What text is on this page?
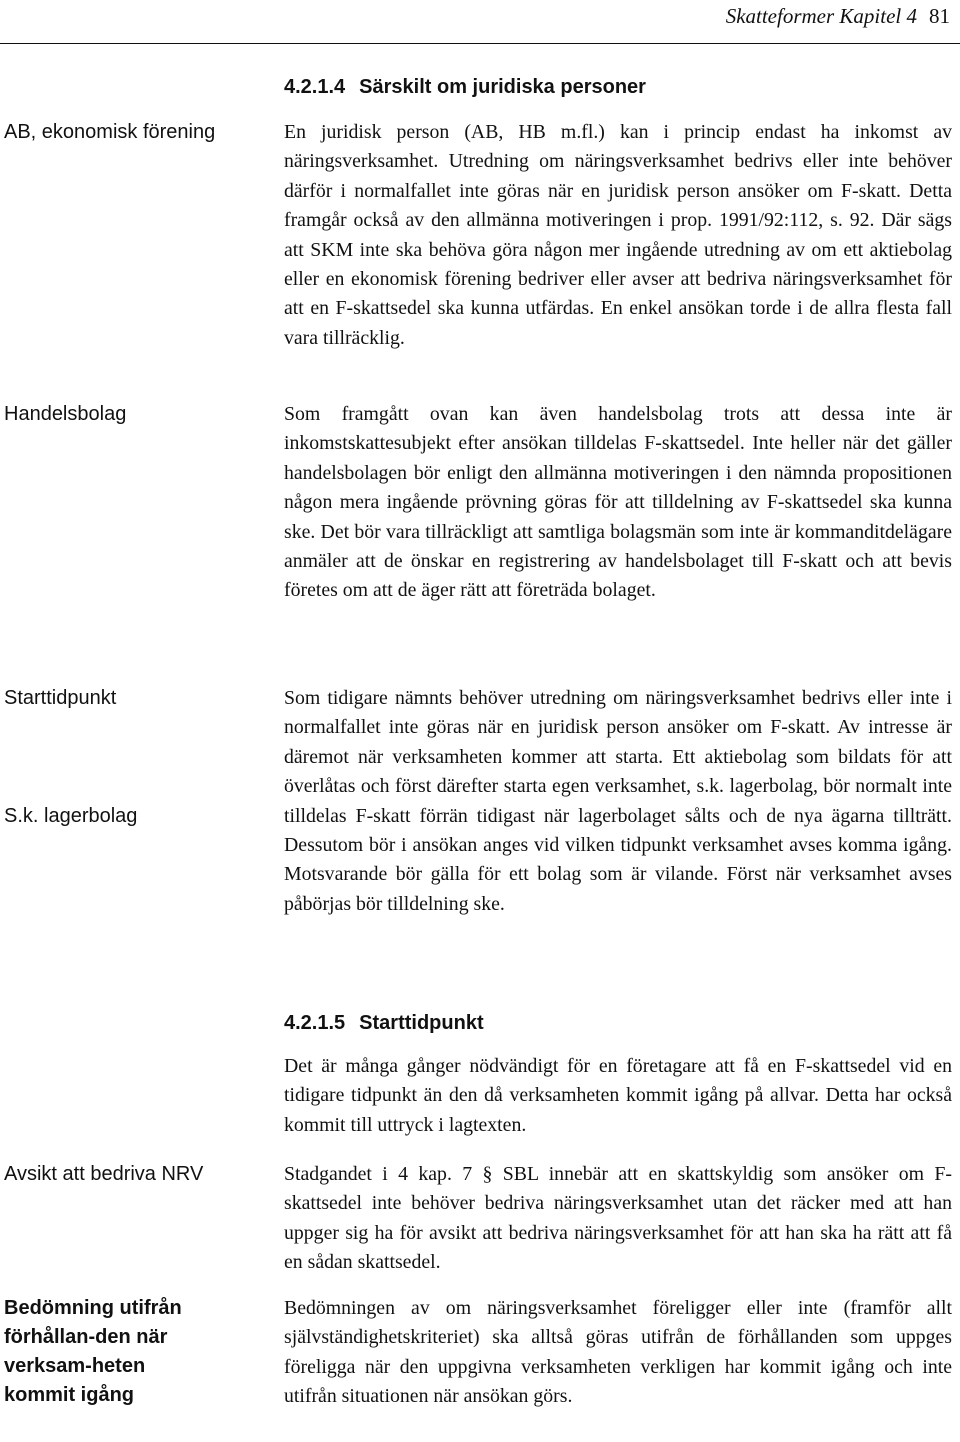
Skatteformer Kapitel 4 81
AB, ekonomisk förening
Handelsbolag
Starttidpunkt
S.k. lagerbolag
Avsikt att bedriva NRV
Bedömning utifrån förhållan-den när verksam-heten kommit igång
4.2.1.4 Särskilt om juridiska personer

En juridisk person (AB, HB m.fl.) kan i princip endast ha inkomst av näringsverksamhet. Utredning om näringsverksamhet bedrivs eller inte behöver därför i normalfallet inte göras när en juridisk person ansöker om F-skatt. Detta framgår också av den allmänna motiveringen i prop. 1991/92:112, s. 92. Där sägs att SKM inte ska behöva göra någon mer ingående utredning av om ett aktiebolag eller en ekonomisk förening bedriver eller avser att bedriva näringsverksamhet för att en F-skattsedel ska kunna utfärdas. En enkel ansökan torde i de allra flesta fall vara tillräcklig.

Som framgått ovan kan även handelsbolag trots att dessa inte är inkomstskattesubjekt efter ansökan tilldelas F-skattsedel. Inte heller när det gäller handelsbolagen bör enligt den allmänna motiveringen i den nämnda propositionen någon mera ingående prövning göras för att tilldelning av F-skattsedel ska kunna ske. Det bör vara tillräckligt att samtliga bolagsmän som inte är kommanditdelägare anmäler att de önskar en registrering av handelsbolaget till F-skatt och att bevis företes om att de äger rätt att företräda bolaget.

Som tidigare nämnts behöver utredning om näringsverksamhet bedrivs eller inte i normalfallet inte göras när en juridisk person ansöker om F-skatt. Av intresse är däremot när verksamheten kommer att starta. Ett aktiebolag som bildats för att överlåtas och först därefter starta egen verksamhet, s.k. lagerbolag, bör normalt inte tilldelas F-skatt förrän tidigast när lagerbolaget sålts och de nya ägarna tillträtt. Dessutom bör i ansökan anges vid vilken tidpunkt verksamhet avses komma igång. Motsvarande bör gälla för ett bolag som är vilande. Först när verksamhet avses påbörjas bör tilldelning ske.

4.2.1.5 Starttidpunkt

Det är många gånger nödvändigt för en företagare att få en F-skattsedel vid en tidigare tidpunkt än den då verksamheten kommit igång på allvar. Detta har också kommit till uttryck i lagtexten.

Stadgandet i 4 kap. 7 § SBL innebär att en skattskyldig som ansöker om F-skattsedel inte behöver bedriva näringsverksamhet utan det räcker med att han uppger sig ha för avsikt att bedriva näringsverksamhet för att han ska ha rätt att få en sådan skattsedel.

Bedömningen av om näringsverksamhet föreligger eller inte (framför allt självständighetskriteriet) ska alltså göras utifrån de förhållanden som uppges föreligga när den uppgivna verksamheten verkligen har kommit igång och inte utifrån situationen när ansökan görs.
